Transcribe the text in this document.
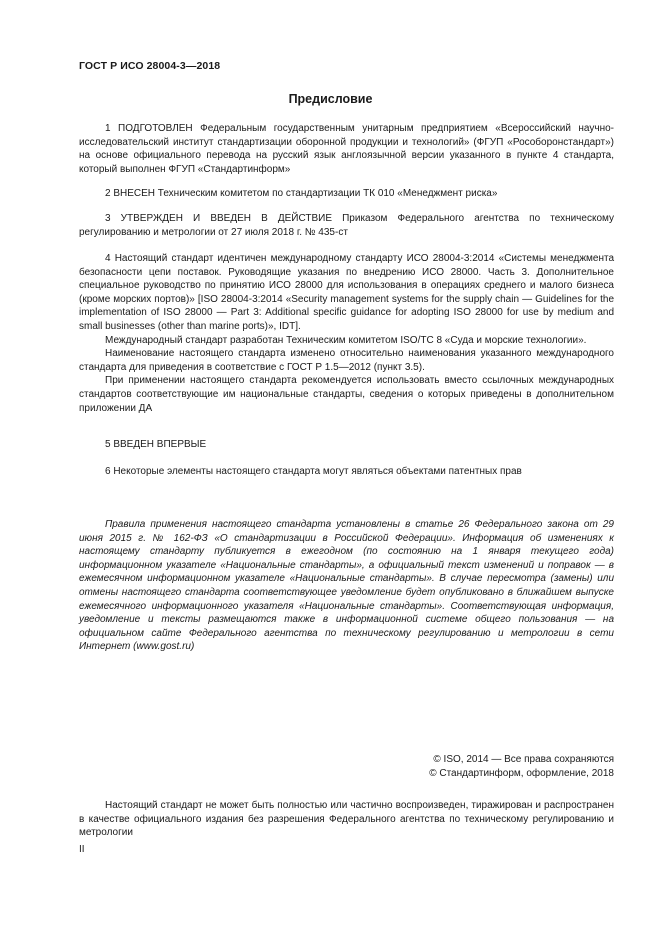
ГОСТ Р ИСО 28004-3—2018
Предисловие

1 ПОДГОТОВЛЕН Федеральным государственным унитарным предприятием «Всероссийский научно-исследовательский институт стандартизации оборонной продукции и технологий» (ФГУП «Рособоронстандарт») на основе официального перевода на русский язык англоязычной версии указанного в пункте 4 стандарта, который выполнен ФГУП «Стандартинформ»

2 ВНЕСЕН Техническим комитетом по стандартизации ТК 010 «Менеджмент риска»

3 УТВЕРЖДЕН И ВВЕДЕН В ДЕЙСТВИЕ Приказом Федерального агентства по техническому регулированию и метрологии от 27 июля 2018 г. № 435-ст

4 Настоящий стандарт идентичен международному стандарту ИСО 28004-3:2014 «Системы менеджмента безопасности цепи поставок. Руководящие указания по внедрению ИСО 28000. Часть 3. Дополнительное специальное руководство по принятию ИСО 28000 для использования в операциях среднего и малого бизнеса (кроме морских портов)» [ISO 28004-3:2014 «Security management systems for the supply chain — Guidelines for the implementation of ISO 28000 — Part 3: Additional specific guidance for adopting ISO 28000 for use by medium and small businesses (other than marine ports)», IDT].

Международный стандарт разработан Техническим комитетом ISO/TC 8 «Суда и морские технологии».

Наименование настоящего стандарта изменено относительно наименования указанного международного стандарта для приведения в соответствие с ГОСТ Р 1.5—2012 (пункт 3.5).

При применении настоящего стандарта рекомендуется использовать вместо ссылочных международных стандартов соответствующие им национальные стандарты, сведения о которых приведены в дополнительном приложении ДА

5 ВВЕДЕН ВПЕРВЫЕ

6 Некоторые элементы настоящего стандарта могут являться объектами патентных прав

Правила применения настоящего стандарта установлены в статье 26 Федерального закона от 29 июня 2015 г. № 162-ФЗ «О стандартизации в Российской Федерации». Информация об изменениях к настоящему стандарту публикуется в ежегодном (по состоянию на 1 января текущего года) информационном указателе «Национальные стандарты», а официальный текст изменений и поправок — в ежемесячном информационном указателе «Национальные стандарты». В случае пересмотра (замены) или отмены настоящего стандарта соответствующее уведомление будет опубликовано в ближайшем выпуске ежемесячного информационного указателя «Национальные стандарты». Соответствующая информация, уведомление и тексты размещаются также в информационной системе общего пользования — на официальном сайте Федерального агентства по техническому регулированию и метрологии в сети Интернет (www.gost.ru)

© ISO, 2014 — Все права сохраняются
© Стандартинформ, оформление, 2018

Настоящий стандарт не может быть полностью или частично воспроизведен, тиражирован и распространен в качестве официального издания без разрешения Федерального агентства по техническому регулированию и метрологии

II
